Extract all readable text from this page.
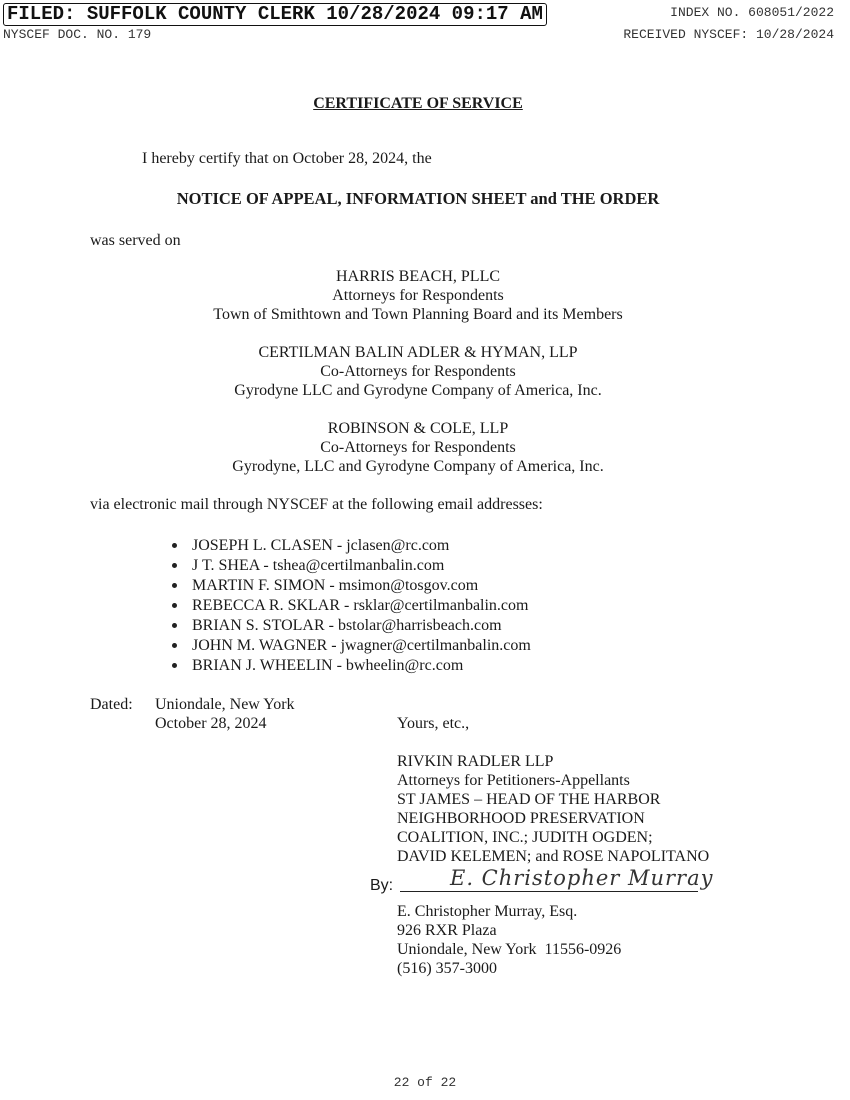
FILED: SUFFOLK COUNTY CLERK 10/28/2024 09:17 AM	INDEX NO. 608051/2022
NYSCEF DOC. NO. 179	RECEIVED NYSCEF: 10/28/2024
CERTIFICATE OF SERVICE
I hereby certify that on October 28, 2024, the
NOTICE OF APPEAL, INFORMATION SHEET and THE ORDER
was served on
HARRIS BEACH, PLLC
Attorneys for Respondents
Town of Smithtown and Town Planning Board and its Members
CERTILMAN BALIN ADLER & HYMAN, LLP
Co-Attorneys for Respondents
Gyrodyne LLC and Gyrodyne Company of America, Inc.
ROBINSON & COLE, LLP
Co-Attorneys for Respondents
Gyrodyne, LLC and Gyrodyne Company of America, Inc.
via electronic mail through NYSCEF at the following email addresses:
JOSEPH L. CLASEN - jclasen@rc.com
J T. SHEA - tshea@certilmanbalin.com
MARTIN F. SIMON - msimon@tosgov.com
REBECCA R. SKLAR - rsklar@certilmanbalin.com
BRIAN S. STOLAR - bstolar@harrisbeach.com
JOHN M. WAGNER - jwagner@certilmanbalin.com
BRIAN J. WHEELIN - bwheelin@rc.com
Dated: Uniondale, New York
October 28, 2024	Yours, etc.,
RIVKIN RADLER LLP
Attorneys for Petitioners-Appellants
ST JAMES – HEAD OF THE HARBOR
NEIGHBORHOOD PRESERVATION
COALITION, INC.; JUDITH OGDEN;
DAVID KELEMEN; and ROSE NAPOLITANO
By:	E. Christopher Murray
E. Christopher Murray, Esq.
926 RXR Plaza
Uniondale, New York  11556-0926
(516) 357-3000
22 of 22
